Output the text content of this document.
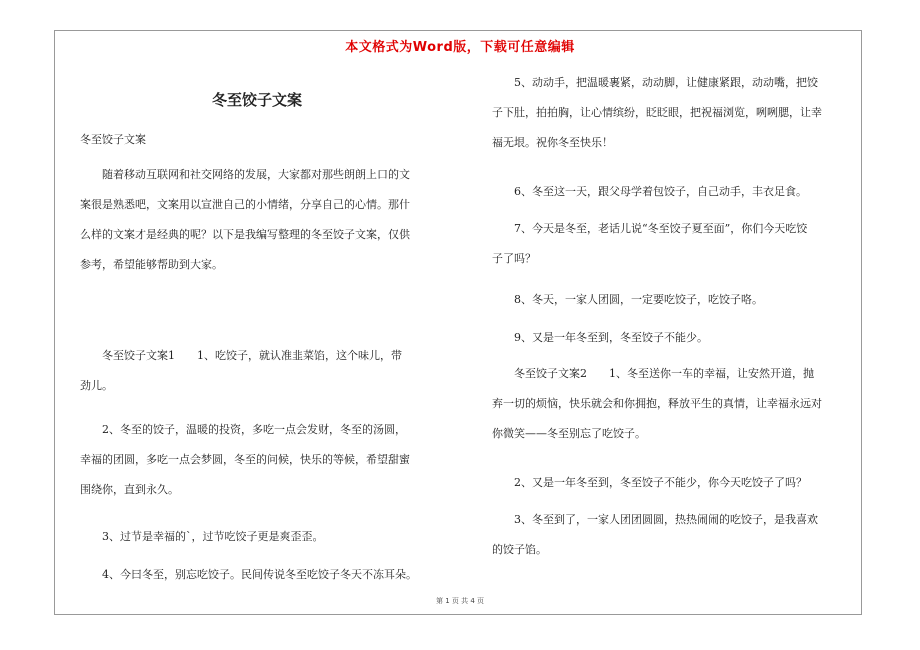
本文格式为Word版，下载可任意编辑
冬至饺子文案

冬至饺子文案

随着移动互联网和社交网络的发展，大家都对那些朗朗上口的文

案很是熟悉吧，文案用以宣泄自己的小情绪，分享自己的心情。那什

么样的文案才是经典的呢？以下是我编写整理的冬至饺子文案，仅供

参考，希望能够帮助到大家。

冬至饺子文案1　　1、吃饺子，就认准韭菜馅，这个味儿，带

劲儿。

2、冬至的饺子，温暖的投资，多吃一点会发财，冬至的汤圆，

幸福的团圆，多吃一点会梦圆，冬至的问候，快乐的等候，希望甜蜜

围绕你，直到永久。

3、过节是幸福的`，过节吃饺子更是爽歪歪。

4、今曰冬至，别忘吃饺子。民间传说冬至吃饺子冬天不冻耳朵。

5、动动手，把温暖裹紧，动动脚，让健康紧跟，动动嘴，把饺

子下肚，拍拍胸，让心情缤纷，眨眨眼，把祝福浏览，咧咧腮，让幸

福无垠。祝你冬至快乐！

6、冬至这一天，跟父母学着包饺子，自己动手，丰衣足食。

7、今天是冬至，老话儿说“冬至饺子夏至面”，你们今天吃饺

子了吗？

8、冬天，一家人团圆，一定要吃饺子，吃饺子咯。

9、又是一年冬至到，冬至饺子不能少。

冬至饺子文案2　　1、冬至送你一车的幸福，让安然开道，抛

弃一切的烦恼，快乐就会和你拥抱，释放平生的真情，让幸福永远对

你微笑——冬至别忘了吃饺子。

2、又是一年冬至到，冬至饺子不能少，你今天吃饺子了吗？

3、冬至到了，一家人团团圆圆，热热闹闹的吃饺子，是我喜欢

的饺子馅。

第 1 页 共 4 页
